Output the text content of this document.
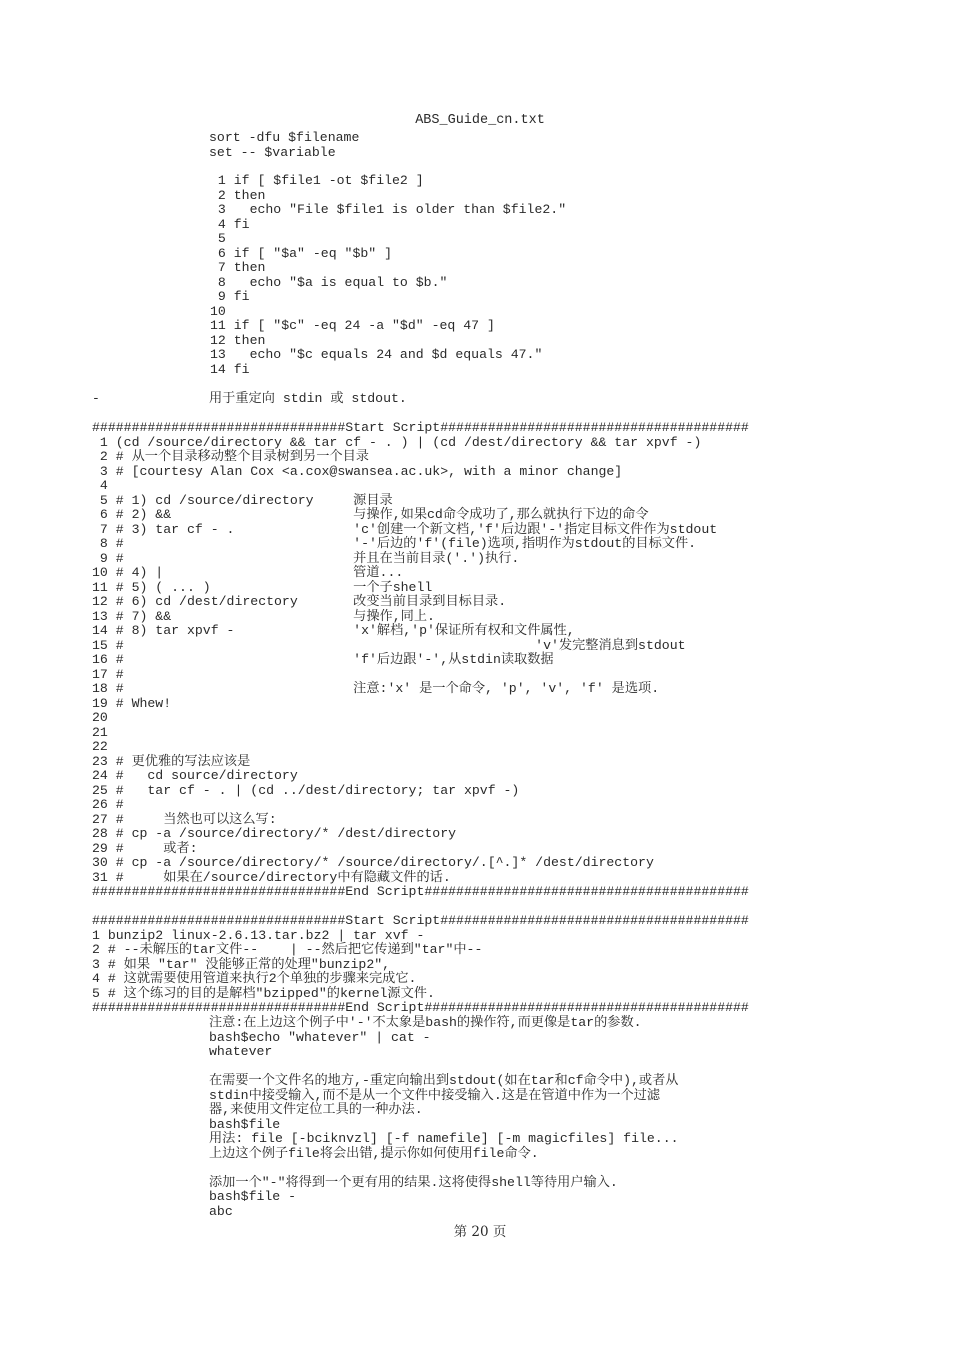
ABS_Guide_cn.txt
sort -dfu $filename
set -- $variable
1 if [ $file1 -ot $file2 ]
2 then
3   echo "File $file1 is older than $file2."
4 fi
5
6 if [ "$a" -eq "$b" ]
7 then
8   echo "$a is equal to $b."
9 fi
10
11 if [ "$c" -eq 24 -a "$d" -eq 47 ]
12 then
13   echo "$c equals 24 and $d equals 47."
14 fi
-	用于重定向 stdin 或 stdout.
################################Start Script#######################################
1 (cd /source/directory && tar cf - . ) | (cd /dest/directory && tar xpvf -)
2 # 从一个目录移动整个目录树到另一个目录
3 # [courtesy Alan Cox <a.cox@swansea.ac.uk>, with a minor change]
4
5 # 1) cd /source/directory     源目录
6 # 2) &&                       与操作,如果cd命令成功了,那么就执行下边的命令
7 # 3) tar cf - .               'c'创建一个新文档,'f'后边跟'-'指定目标文件作为stdout
8 #                             '-'后边的'f'(file)选项,指明作为stdout的目标文件.
9 #                             并且在当前目录('.')执行.
10 # 4) |                        管道...
11 # 5) ( ... )                  一个子shell
12 # 6) cd /dest/directory       改变当前目录到目标目录.
13 # 7) &&                       与操作,同上.
14 # 8) tar xpvf -               'x'解档,'p'保证所有权和文件属性,
15 #                                                    'v'发完整消息到stdout
16 #                             'f'后边跟'-',从stdin读取数据
17 #
18 #                             注意:'x' 是一个命令, 'p', 'v', 'f' 是选项.
19 # Whew!
20
21
22
23 # 更优雅的写法应该是
24 #   cd source/directory
25 #   tar cf - . | (cd ../dest/directory; tar xpvf -)
26 #
27 #     当然也可以这么写:
28 # cp -a /source/directory/* /dest/directory
29 #     或者:
30 # cp -a /source/directory/* /source/directory/.[^.]* /dest/directory
31 #     如果在/source/directory中有隐藏文件的话.
################################End Script#########################################
################################Start Script#######################################
1 bunzip2 linux-2.6.13.tar.bz2 | tar xvf -
2 # --未解压的tar文件--    | --然后把它传递到"tar"中--
3 # 如果 "tar" 没能够正常的处理"bunzip2",
4 # 这就需要使用管道来执行2个单独的步骤来完成它.
5 # 这个练习的目的是解档"bzipped"的kernel源文件.
################################End Script#########################################
注意:在上边这个例子中'-'不太象是bash的操作符,而更像是tar的参数.
bash$echo "whatever" | cat -
whatever
在需要一个文件名的地方,-重定向输出到stdout(如在tar和cf命令中),或者从
stdin中接受输入,而不是从一个文件中接受输入.这是在管道中作为一个过滤
器,来使用文件定位工具的一种办法.
bash$file
用法: file [-bciknvzl] [-f namefile] [-m magicfiles] file...
上边这个例子file将会出错,提示你如何使用file命令.
添加一个"-"将得到一个更有用的结果.这将使得shell等待用户输入.
bash$file -
abc
第 20 页
